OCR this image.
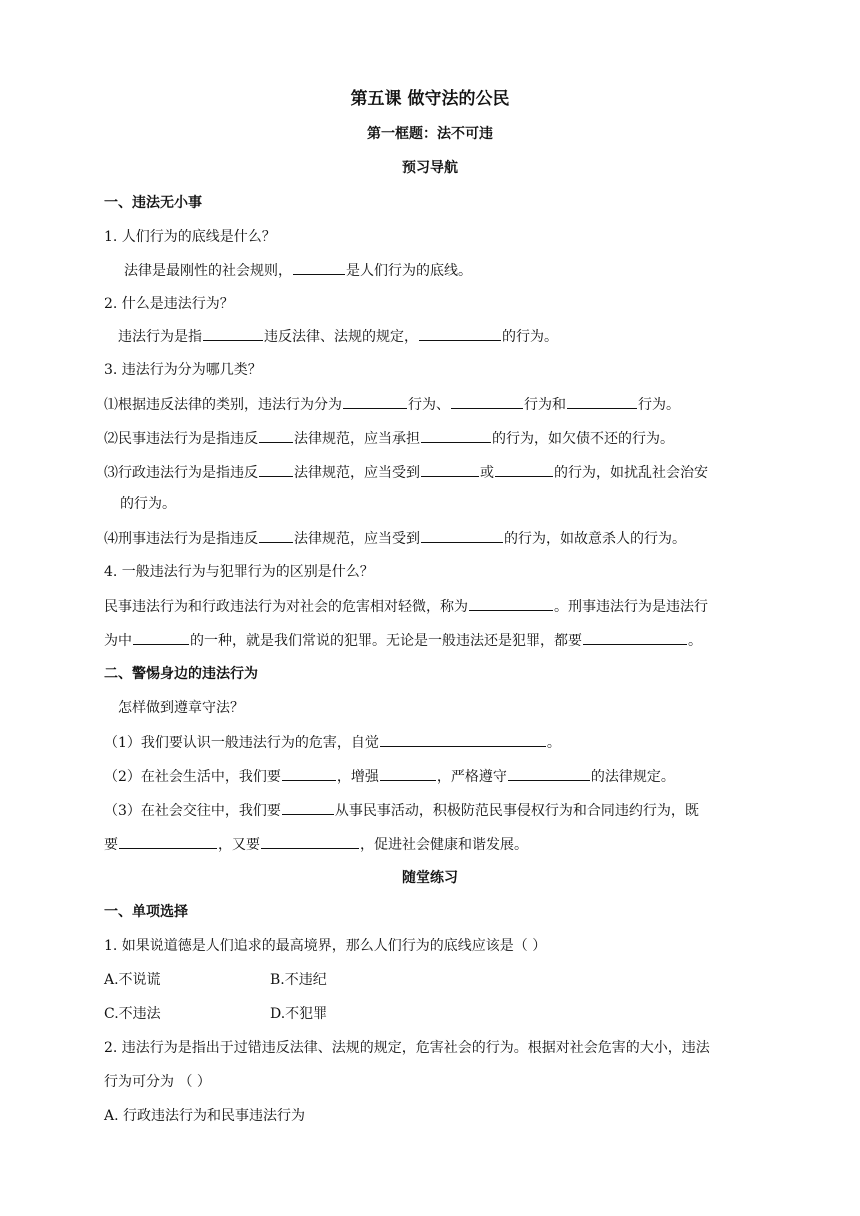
第五课 做守法的公民
第一框题：法不可违
预习导航
一、违法无小事
1. 人们行为的底线是什么？
法律是最刚性的社会规则，	是人们行为的底线。
2. 什么是违法行为？
违法行为是指	违反法律、法规的规定，	的行为。
3. 违法行为分为哪几类？
⑴根据违反法律的类别，违法行为分为	行为、	行为和	行为。
⑵民事违法行为是指违反	法律规范，应当承担	的行为，如欠债不还的行为。
⑶行政违法行为是指违反	法律规范，应当受到	或	的行为，如扰乱社会治安
的行为。
⑷刑事违法行为是指违反	法律规范，应当受到	的行为，如故意杀人的行为。
4. 一般违法行为与犯罪行为的区别是什么？
民事违法行为和行政违法行为对社会的危害相对轻微，称为	。刑事违法行为是违法行
为中	的一种，就是我们常说的犯罪。无论是一般违法还是犯罪，都要	。
二、警惕身边的违法行为
怎样做到遵章守法？
（1）我们要认识一般违法行为的危害，自觉	。
（2）在社会生活中，我们要	，增强	，严格遵守	的法律规定。
（3）在社会交往中，我们要	从事民事活动，积极防范民事侵权行为和合同违约行为，既
要	，又要	，促进社会健康和谐发展。
随堂练习
一、单项选择
1. 如果说道德是人们追求的最高境界，那么人们行为的底线应该是（ ）
A.不说谎	B.不违纪
C.不违法	D.不犯罪
2. 违法行为是指出于过错违反法律、法规的规定，危害社会的行为。根据对社会危害的大小，违法
行为可分为 （ ）
A. 行政违法行为和民事违法行为
